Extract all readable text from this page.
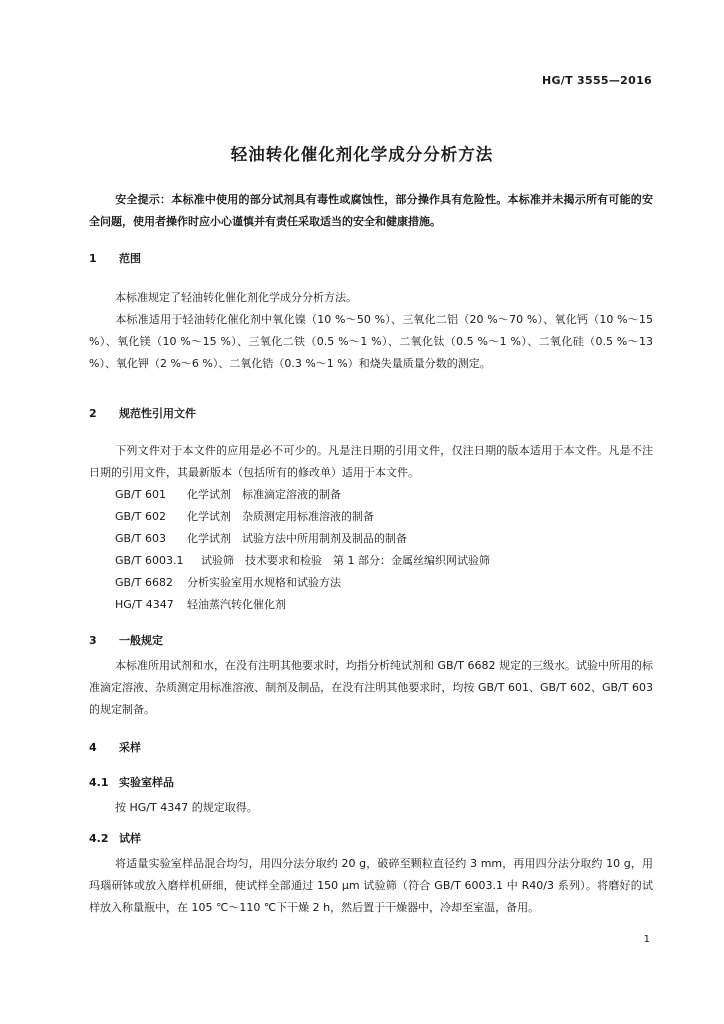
HG/T 3555—2016
轻油转化催化剂化学成分分析方法
安全提示：本标准中使用的部分试剂具有毒性或腐蚀性，部分操作具有危险性。本标准并未揭示所有可能的安全问题，使用者操作时应小心谨慎并有责任采取适当的安全和健康措施。
1 范围
本标准规定了轻油转化催化剂化学成分分析方法。
本标准适用于轻油转化催化剂中氧化镍（10 %～50 %）、三氧化二铝（20 %～70 %）、氧化钙（10 %～15 %）、氧化镁（10 %～15 %）、三氧化二铁（0.5 %～1 %）、二氧化钛（0.5 %～1 %）、二氧化硅（0.5 %～13 %）、氧化钾（2 %～6 %）、二氧化锆（0.3 %～1 %）和烧失量质量分数的测定。
2 规范性引用文件
下列文件对于本文件的应用是必不可少的。凡是注日期的引用文件，仅注日期的版本适用于本文件。凡是不注日期的引用文件，其最新版本（包括所有的修改单）适用于本文件。
GB/T 601 化学试剂　标准滴定溶液的制备
GB/T 602 化学试剂　杂质测定用标准溶液的制备
GB/T 603 化学试剂　试验方法中所用制剂及制品的制备
GB/T 6003.1 试验筛　技术要求和检验　第 1 部分：金属丝编织网试验筛
GB/T 6682 分析实验室用水规格和试验方法
HG/T 4347 轻油蒸汽转化催化剂
3 一般规定
本标准所用试剂和水，在没有注明其他要求时，均指分析纯试剂和 GB/T 6682 规定的三级水。试验中所用的标准滴定溶液、杂质测定用标准溶液、制剂及制品，在没有注明其他要求时，均按 GB/T 601、GB/T 602、GB/T 603 的规定制备。
4 采样
4.1 实验室样品
按 HG/T 4347 的规定取得。
4.2 试样
将适量实验室样品混合均匀，用四分法分取约 20 g，破碎至颗粒直径约 3 mm，再用四分法分取约 10 g，用玛瑙研钵或放入磨样机研细，使试样全部通过 150 μm 试验筛（符合 GB/T 6003.1 中 R40/3 系列）。将磨好的试样放入称量瓶中，在 105 ℃～110 ℃下干燥 2 h，然后置于干燥器中，冷却至室温，备用。
1
